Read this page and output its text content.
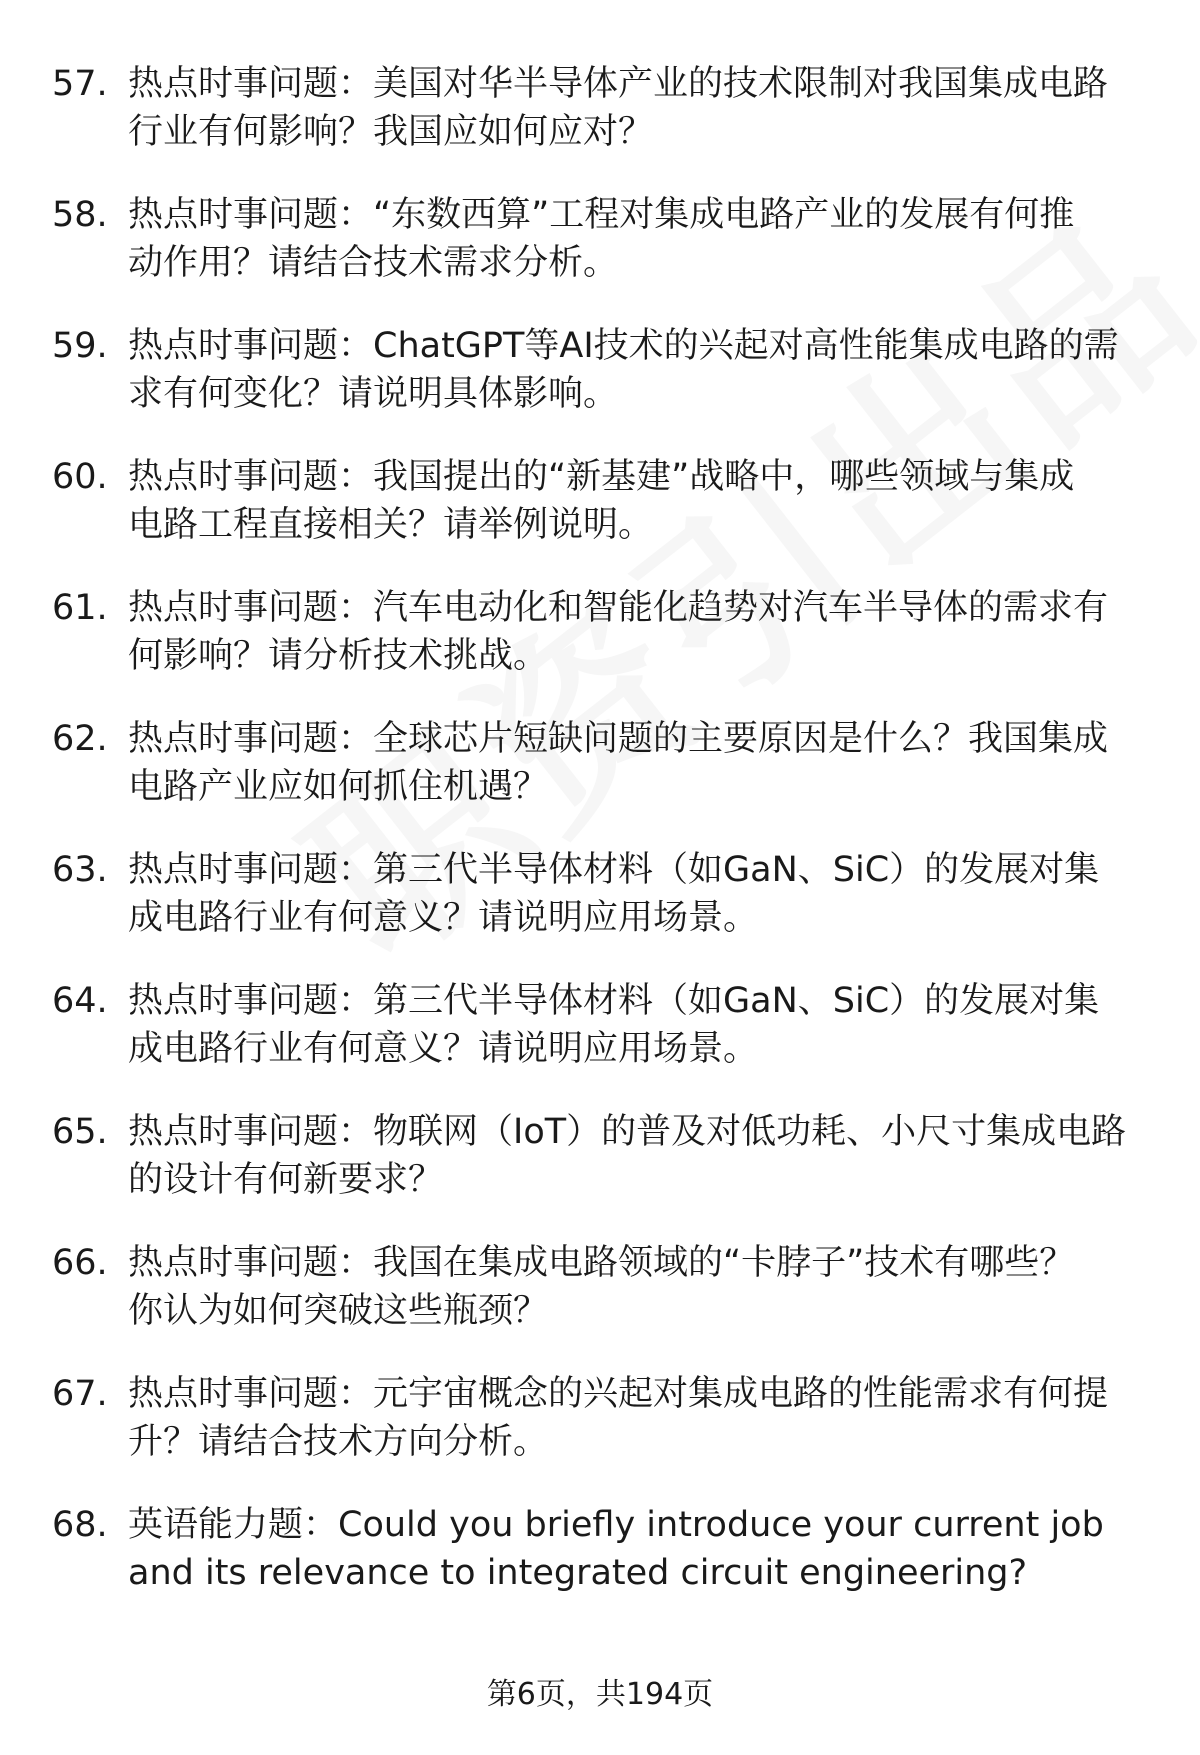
57. 热点时事问题：美国对华半导体产业的技术限制对我国集成电路
行业有何影响？我国应如何应对？
58. 热点时事问题：“东数西算”工程对集成电路产业的发展有何推
动作用？请结合技术需求分析。
59. 热点时事问题：ChatGPT等AI技术的兴起对高性能集成电路的需
求有何变化？请说明具体影响。
60. 热点时事问题：我国提出的“新基建”战略中，哪些领域与集成
电路工程直接相关？请举例说明。
61. 热点时事问题：汽车电动化和智能化趋势对汽车半导体的需求有
何影响？请分析技术挑战。
62. 热点时事问题：全球芯片短缺问题的主要原因是什么？我国集成
电路产业应如何抓住机遇？
63. 热点时事问题：第三代半导体材料（如GaN、SiC）的发展对集
成电路行业有何意义？请说明应用场景。
64. 热点时事问题：第三代半导体材料（如GaN、SiC）的发展对集
成电路行业有何意义？请说明应用场景。
65. 热点时事问题：物联网（IoT）的普及对低功耗、小尺寸集成电路
的设计有何新要求？
66. 热点时事问题：我国在集成电路领域的“卡脖子”技术有哪些？
你认为如何突破这些瓶颈？
67. 热点时事问题：元宇宙概念的兴起对集成电路的性能需求有何提
升？请结合技术方向分析。
68. 英语能力题：Could you briefly introduce your current job
and its relevance to integrated circuit engineering?
第6页，共194页
